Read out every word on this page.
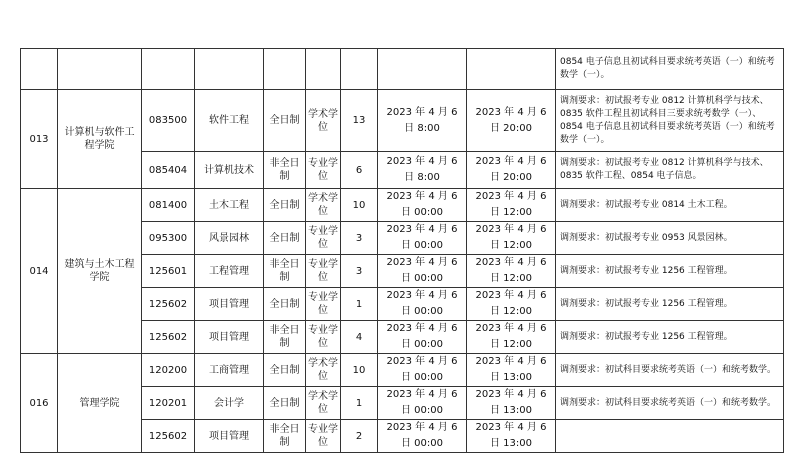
									0854 电子信息且初试科目要求统考英语（一）和统考数学（一）。
013	计算机与软件工程学院	083500	软件工程	全日制	学术学位	13	2023 年 4 月 6 日 8:00	2023 年 4 月 6 日 20:00	调剂要求：初试报考专业 0812 计算机科学与技术、0835 软件工程且初试科目三要求统考数学（一）、0854 电子信息且初试科目要求统考英语（一）和统考数学（一）。
		085404	计算机技术	非全日制	专业学位	6	2023 年 4 月 6 日 8:00	2023 年 4 月 6 日 20:00	调剂要求：初试报考专业 0812 计算机科学与技术、0835 软件工程、0854 电子信息。
014	建筑与土木工程学院	081400	土木工程	全日制	学术学位	10	2023 年 4 月 6 日 00:00	2023 年 4 月 6 日 12:00	调剂要求：初试报考专业 0814 土木工程。
		095300	风景园林	全日制	专业学位	3	2023 年 4 月 6 日 00:00	2023 年 4 月 6 日 12:00	调剂要求：初试报考专业 0953 风景园林。
		125601	工程管理	非全日制	专业学位	3	2023 年 4 月 6 日 00:00	2023 年 4 月 6 日 12:00	调剂要求：初试报考专业 1256 工程管理。
		125602	项目管理	全日制	专业学位	1	2023 年 4 月 6 日 00:00	2023 年 4 月 6 日 12:00	调剂要求：初试报考专业 1256 工程管理。
		125602	项目管理	非全日制	专业学位	4	2023 年 4 月 6 日 00:00	2023 年 4 月 6 日 12:00	调剂要求：初试报考专业 1256 工程管理。
016	管理学院	120200	工商管理	全日制	学术学位	10	2023 年 4 月 6 日 00:00	2023 年 4 月 6 日 13:00	调剂要求：初试科目要求统考英语（一）和统考数学。
		120201	会计学	全日制	学术学位	1	2023 年 4 月 6 日 00:00	2023 年 4 月 6 日 13:00	调剂要求：初试科目要求统考英语（一）和统考数学。
		125602	项目管理	非全日制	专业学位	2	2023 年 4 月 6 日 00:00	2023 年 4 月 6 日 13:00	
